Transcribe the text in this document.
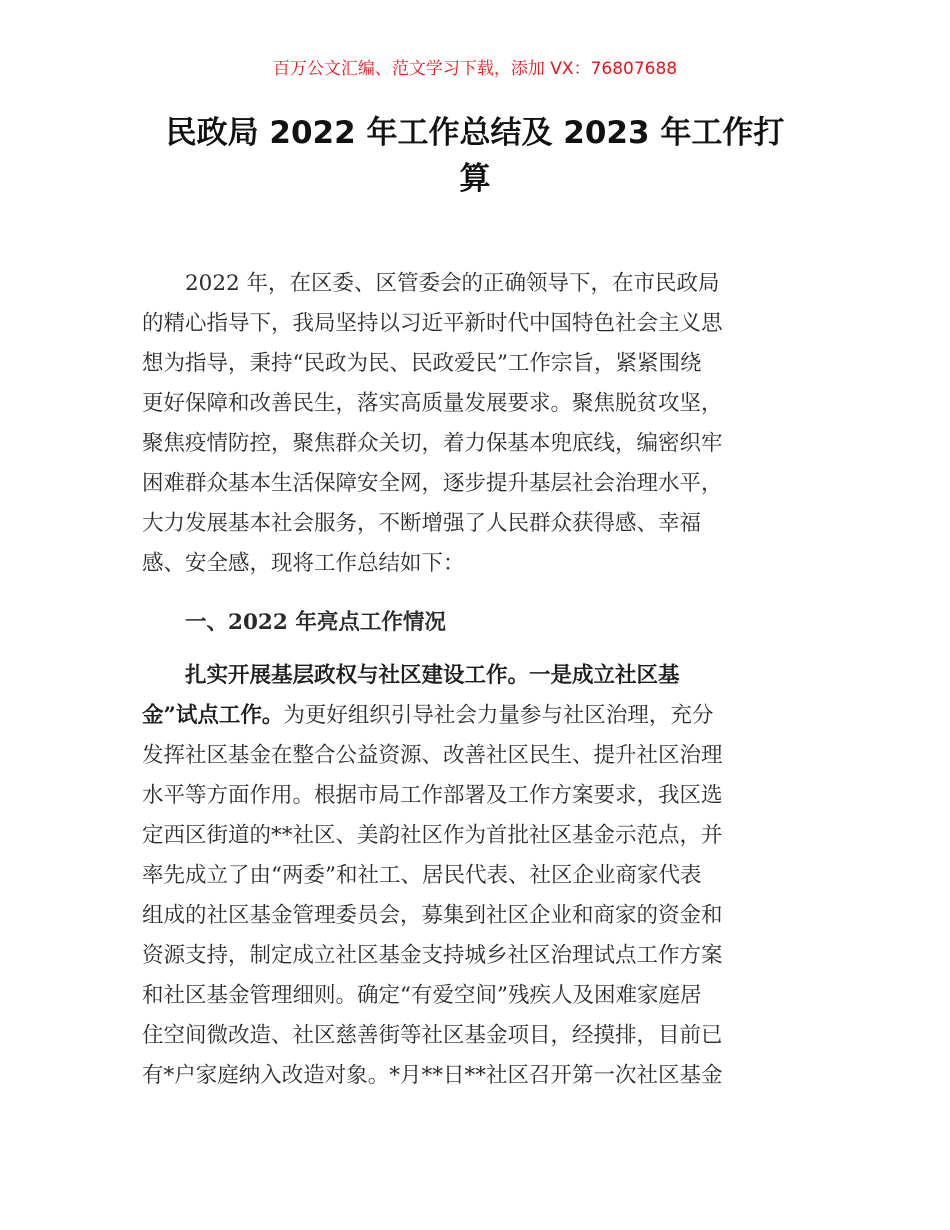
百万公文汇编、范文学习下载，添加 VX：76807688
民政局 2022 年工作总结及 2023 年工作打
算
2022 年，在区委、区管委会的正确领导下，在市民政局
的精心指导下，我局坚持以习近平新时代中国特色社会主义思
想为指导，秉持“民政为民、民政爱民”工作宗旨，紧紧围绕
更好保障和改善民生，落实高质量发展要求。聚焦脱贫攻坚，
聚焦疫情防控，聚焦群众关切，着力保基本兜底线，编密织牢
困难群众基本生活保障安全网，逐步提升基层社会治理水平，
大力发展基本社会服务，不断增强了人民群众获得感、幸福
感、安全感，现将工作总结如下：
一、2022 年亮点工作情况
扎实开展基层政权与社区建设工作。一是成立社区基
金”试点工作。为更好组织引导社会力量参与社区治理，充分
发挥社区基金在整合公益资源、改善社区民生、提升社区治理
水平等方面作用。根据市局工作部署及工作方案要求，我区选
定西区街道的**社区、美韵社区作为首批社区基金示范点，并
率先成立了由“两委”和社工、居民代表、社区企业商家代表
组成的社区基金管理委员会，募集到社区企业和商家的资金和
资源支持，制定成立社区基金支持城乡社区治理试点工作方案
和社区基金管理细则。确定“有爱空间”残疾人及困难家庭居
住空间微改造、社区慈善街等社区基金项目，经摸排，目前已
有*户家庭纳入改造对象。*月**日**社区召开第一次社区基金
